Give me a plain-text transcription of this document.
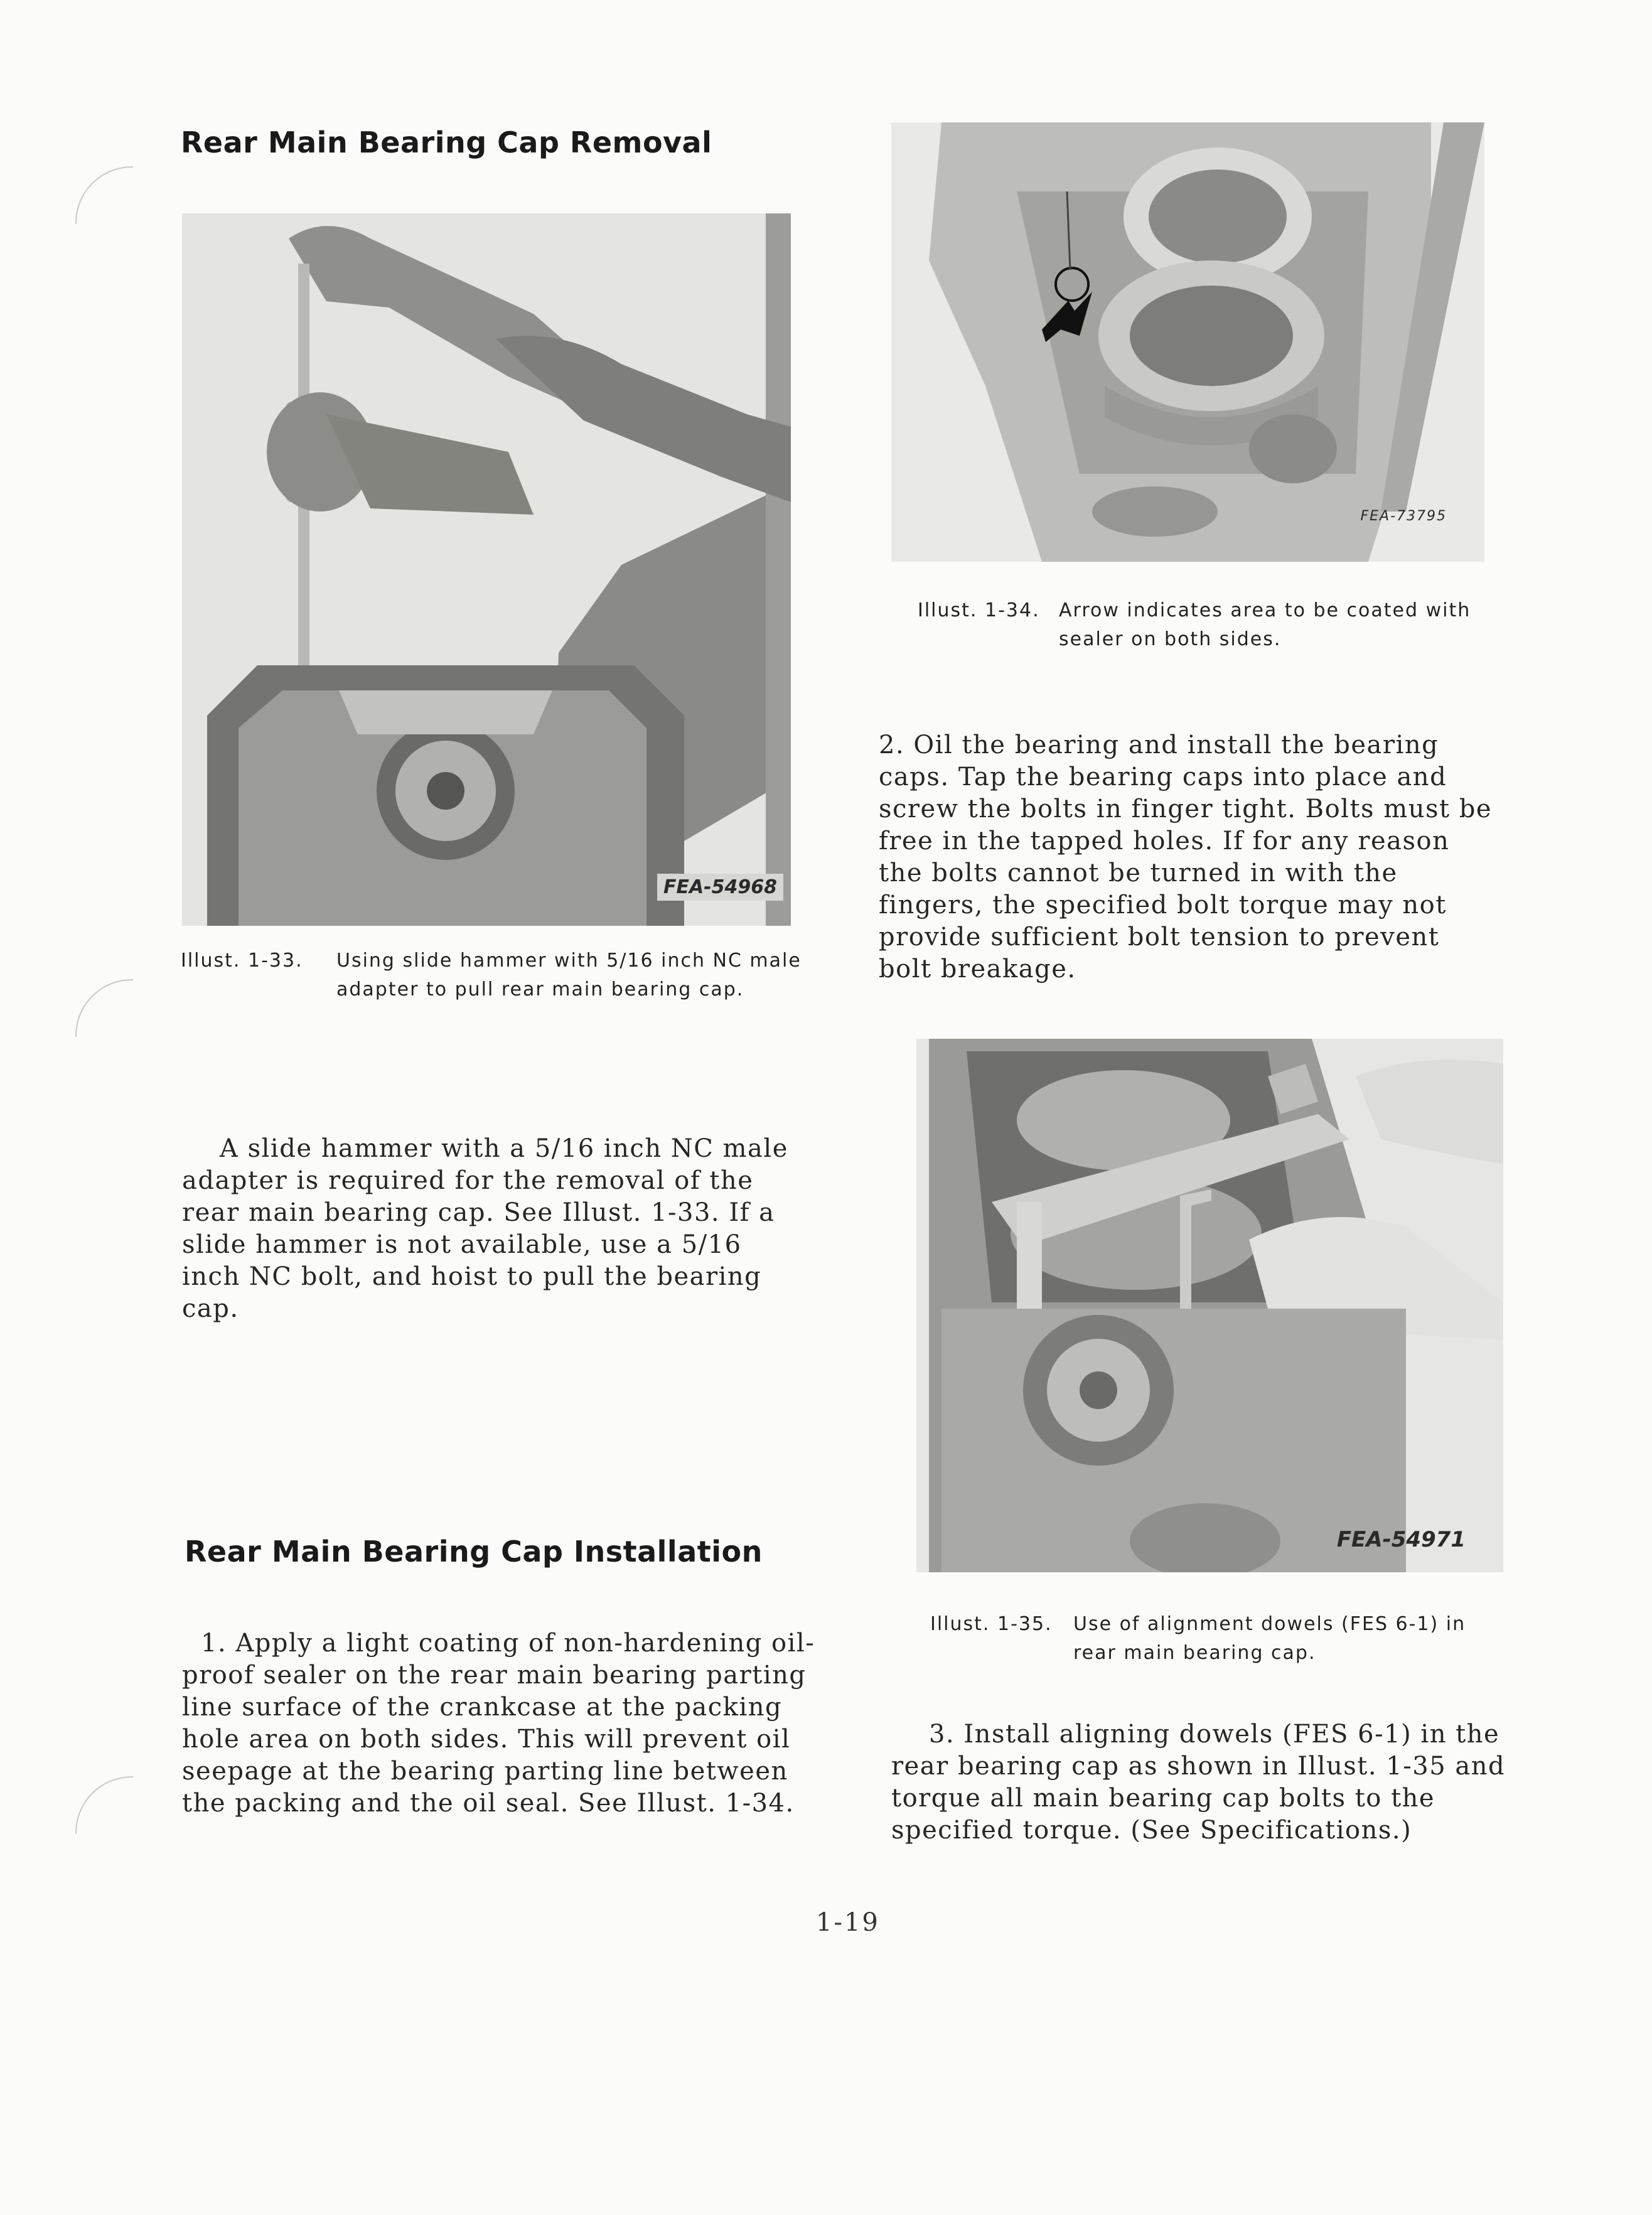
Rear Main Bearing Cap Removal
FEA-54968
Illust. 1-33. Using slide hammer with 5/16 inch NC male adapter to pull rear main bearing cap.
FEA-73795
Illust. 1-34. Arrow indicates area to be coated with sealer on both sides.

2. Oil the bearing and install the bearing caps. Tap the bearing caps into place and screw the bolts in finger tight. Bolts must be free in the tapped holes. If for any reason the bolts cannot be turned in with the fingers, the specified bolt torque may not provide sufficient bolt tension to prevent bolt breakage.

A slide hammer with a 5/16 inch NC male adapter is required for the removal of the rear main bearing cap. See Illust. 1-33. If a slide hammer is not available, use a 5/16 inch NC bolt, and hoist to pull the bearing cap.

FEA-54971
Rear Main Bearing Cap Installation
Illust. 1-35. Use of alignment dowels (FES 6-1) in rear main bearing cap.

1. Apply a light coating of non-hardening oil-proof sealer on the rear main bearing parting line surface of the crankcase at the packing hole area on both sides. This will prevent oil seepage at the bearing parting line between the packing and the oil seal. See Illust. 1-34.

3. Install aligning dowels (FES 6-1) in the rear bearing cap as shown in Illust. 1-35 and torque all main bearing cap bolts to the specified torque. (See Specifications.)

1-19
